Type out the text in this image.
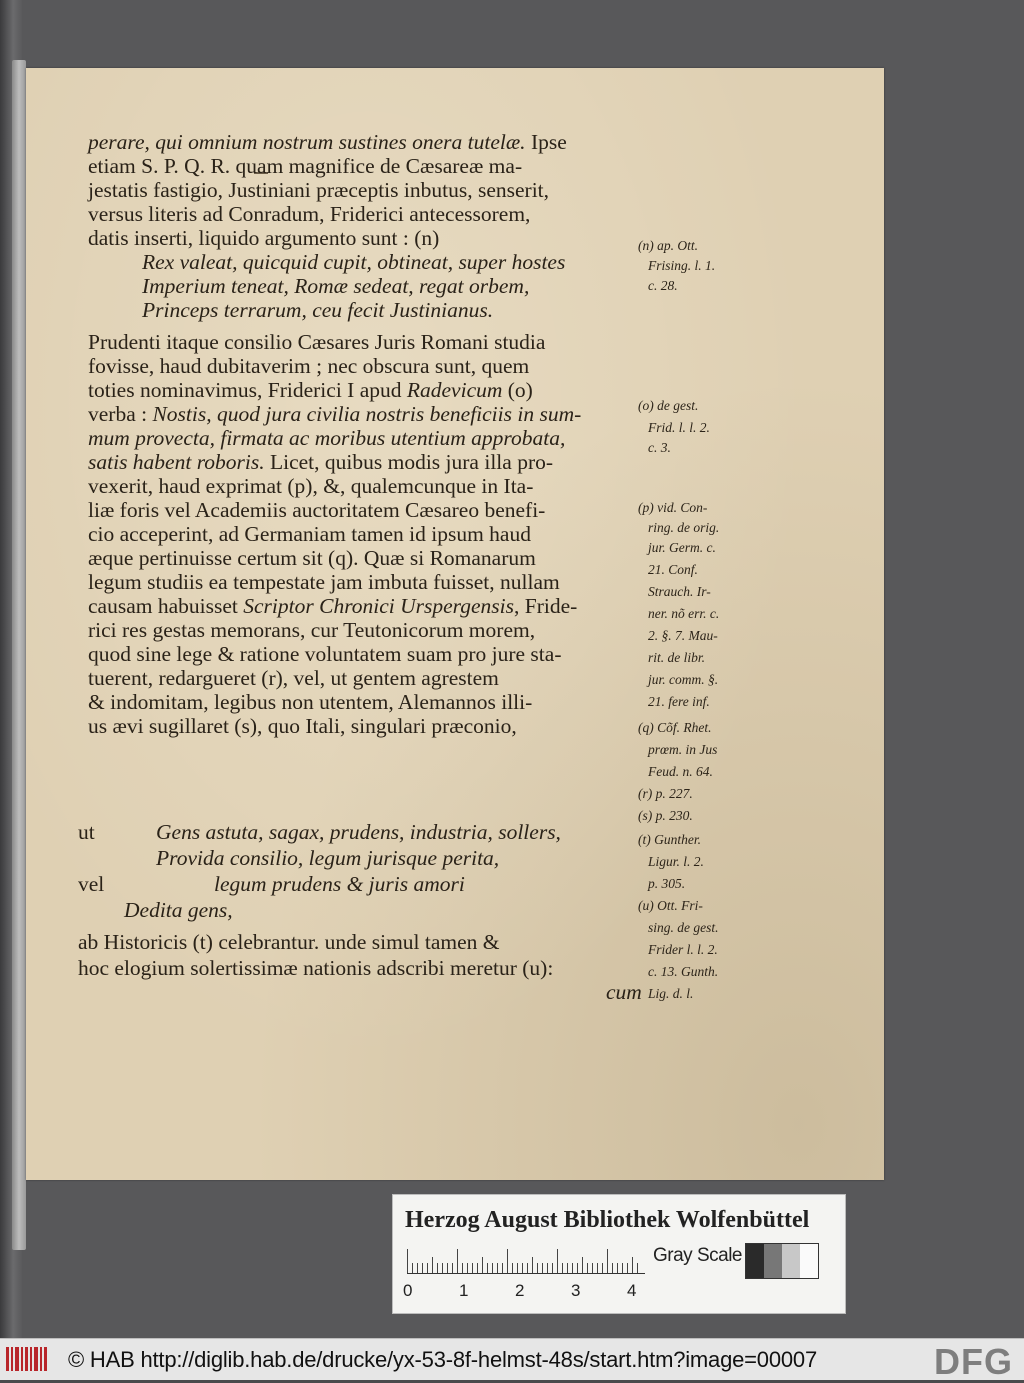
perare, qui omnium nostrum sustines onera tutelæ. Ipse
etiam S. P. Q. R. quam magnifice de Cæsareæ ma-
jestatis fastigio, Justiniani præceptis inbutus, senserit,
versus literis ad Conradum, Friderici antecessorem,
datis inserti, liquido argumento sunt : (n)
Rex valeat, quicquid cupit, obtineat, super hostes
Imperium teneat, Romæ sedeat, regat orbem,
Princeps terrarum, ceu fecit Justinianus.
Prudenti itaque consilio Cæsares Juris Romani studia
fovisse, haud dubitaverim ; nec obscura sunt, quem
toties nominavimus, Friderici I apud Radevicum (o)
verba : Nostis, quod jura civilia nostris beneficiis in sum-
mum provecta, firmata ac moribus utentium approbata,
satis habent roboris. Licet, quibus modis jura illa pro-
vexerit, haud exprimat (p), &, qualemcunque in Ita-
liæ foris vel Academiis auctoritatem Cæsareo benefi-
cio acceperint, ad Germaniam tamen id ipsum haud
æque pertinuisse certum sit (q). Quæ si Romanarum
legum studiis ea tempestate jam imbuta fuisset, nullam
causam habuisset Scriptor Chronici Urspergensis, Fride-
rici res gestas memorans, cur Teutonicorum morem,
quod sine lege & ratione voluntatem suam pro jure sta-
tuerent, redargueret (r), vel, ut gentem agrestem
& indomitam, legibus non utentem, Alemannos illi-
us ævi sugillaret (s), quo Itali, singulari præconio,
ut	Gens astuta, sagax, prudens, industria, sollers,
Provida consilio, legum jurisque perita,
vel	legum prudens & juris amori
Dedita gens,
ab Historicis (t) celebrantur. unde simul tamen &
hoc elogium solertissimæ nationis adscribi meretur (u):
cum
(n) ap. Ott.
Frising. l. 1.
c. 28.
(o) de gest.
Frid. l. l. 2.
c. 3.
(p) vid. Con-
ring. de orig.
jur. Germ. c.
21. Conf.
Strauch. Ir-
ner. nõ err. c.
2. §. 7. Mau-
rit. de libr.
jur. comm. §.
21. fere inf.
(q) Cõf. Rhet.
prœm. in Jus
Feud. n. 64.
(r) p. 227.
(s) p. 230.
(t) Gunther.
Ligur. l. 2.
p. 305.
(u) Ott. Fri-
sing. de gest.
Frider l. l. 2.
c. 13. Gunth.
Lig. d. l.
Herzog August Bibliothek Wolfenbüttel
0	1	2	3	4
Gray Scale
© HAB http://diglib.hab.de/drucke/yx-53-8f-helmst-48s/start.htm?image=00007	DFG
